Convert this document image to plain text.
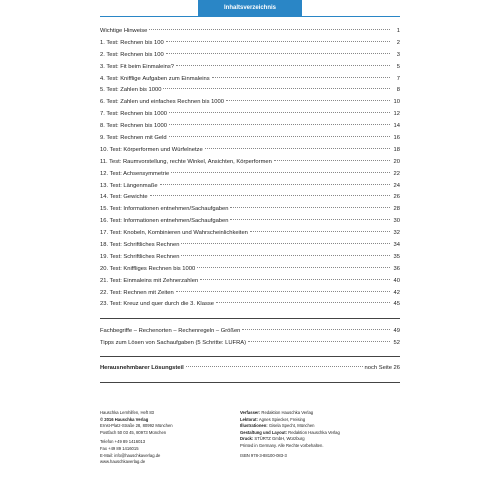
Inhaltsverzeichnis
Wichtige Hinweise	1
1. Test: Rechnen bis 100	2
2. Test: Rechnen bis 100	3
3. Test: Fit beim Einmaleins?	5
4. Test: Kniffligе Aufgaben zum Einmaleins	7
5. Test: Zahlen bis 1000	8
6. Test: Zahlen und einfaches Rechnen bis 1000	10
7. Test: Rechnen bis 1000	12
8. Test: Rechnen bis 1000	14
9. Test: Rechnen mit Geld	16
10. Test: Körperformen und Würfelnetze	18
11. Test: Raumvorstellung, rechte Winkel, Ansichten, Körperformen	20
12. Test: Achsensymmetrie	22
13. Test: Längenmaße	24
14. Test: Gewichte	26
15. Test: Informationen entnehmen/Sachaufgaben	28
16. Test: Informationen entnehmen/Sachaufgaben	30
17. Test: Knobeln, Kombinieren und Wahrscheinlichkeiten	32
18. Test: Schriftliches Rechnen	34
19. Test: Schriftliches Rechnen	35
20. Test: Kniffliges Rechnen bis 1000	36
21. Test: Einmaleins mit Zehnerzahlen	40
22. Test: Rechnen mit Zeiten	42
23. Test: Kreuz und quer durch die 3. Klasse	45
Fachbegriffe – Rechenorten – Rechenregeln – Größen	49
Tipps zum Lösen von Sachaufgaben (5 Schritte: LUFRA)	52
Herausnehmbarer Lösungsteil	noch Seite 26
Hauschka Lernhilfen, Heft 83
© 2016 Hauschka Verlag
Ernst-Platz-Straße 28, 80992 München
Postfach 50 03 45, 80973 München
Telefon +49 89 1416013
Fax +49 89 1416015
E-Mail: info@hauschkaverlag.de
www.hauschkaverlag.de
Verfasser: Redaktion Hauschka Verlag
Lektorat: Agnes Spiecker, Freising
Illustrationen: Gisela Specht, München
Gestaltung und Layout: Redaktion Hauschka Verlag
Druck: STÜRTZ GmbH, Würzburg
Printed in Germany. Alle Rechte vorbehalten.
ISBN 978-3-88100-083-3
